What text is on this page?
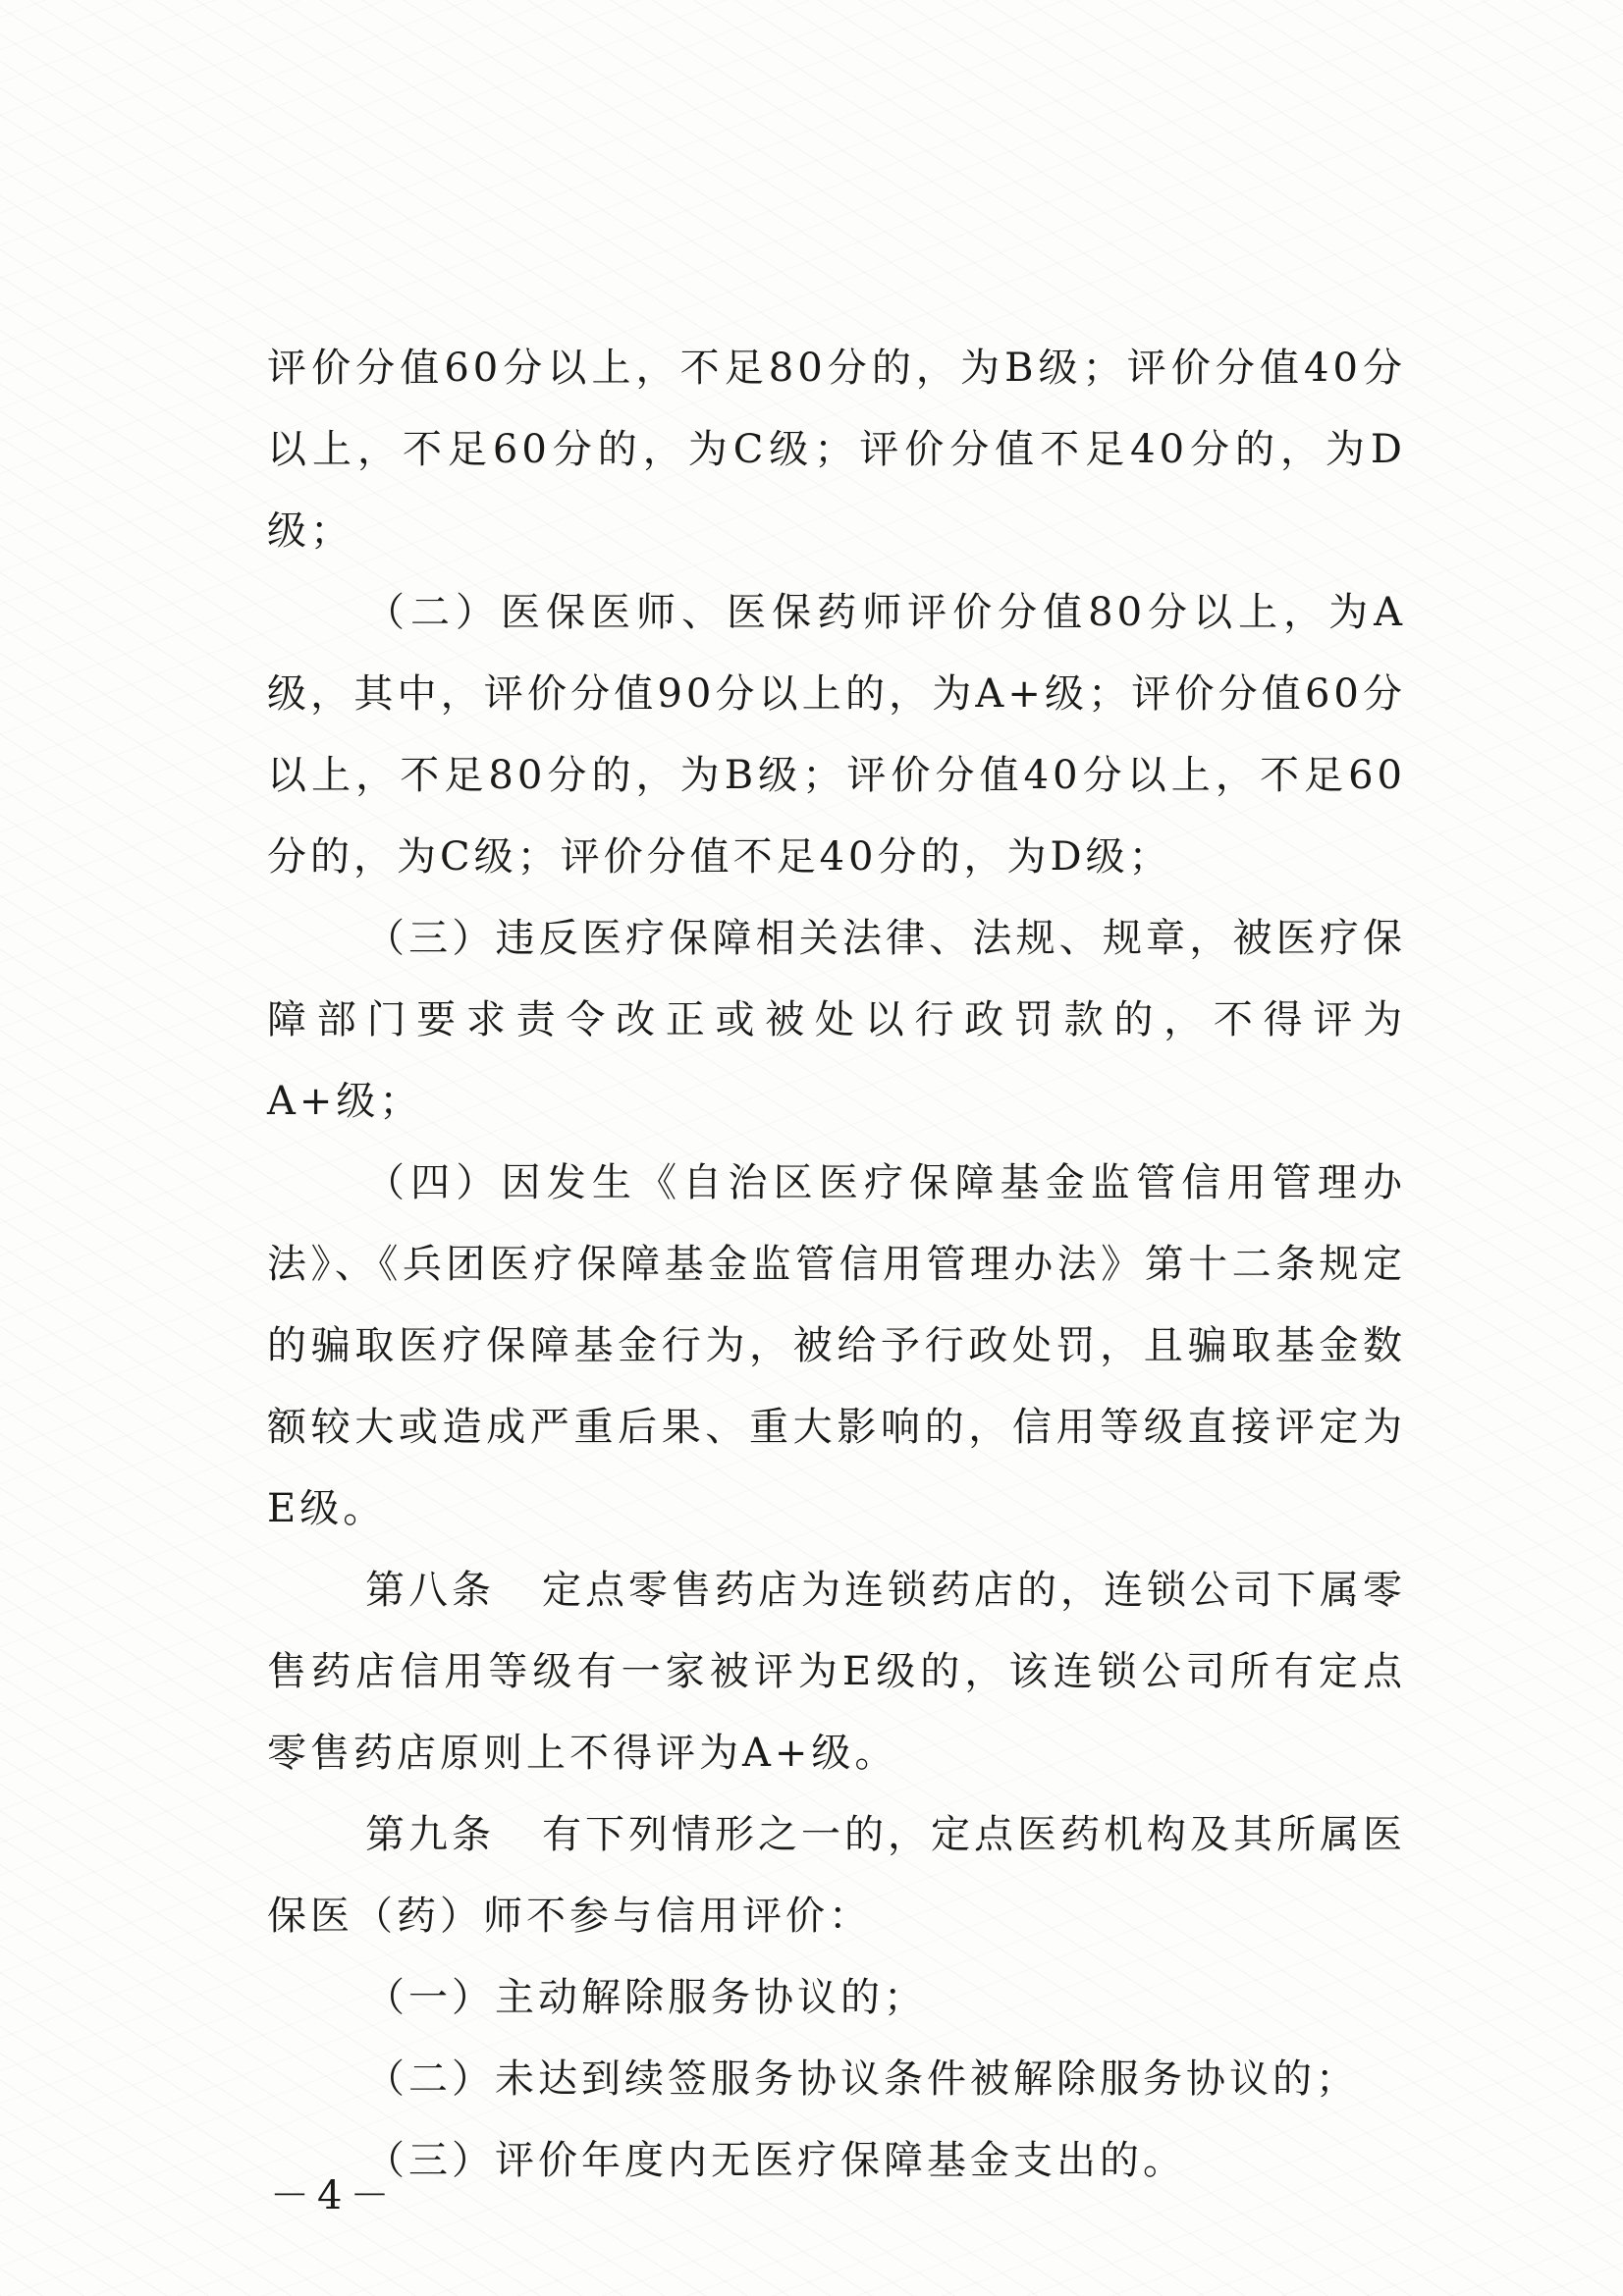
评价分值60分以上，不足80分的，为B级；评价分值40分以上，不足60分的，为C级；评价分值不足40分的，为D级；

（二）医保医师、医保药师评价分值80分以上，为A级，其中，评价分值90分以上的，为A+级；评价分值60分以上，不足80分的，为B级；评价分值40分以上，不足60分的，为C级；评价分值不足40分的，为D级；

（三）违反医疗保障相关法律、法规、规章，被医疗保障部门要求责令改正或被处以行政罚款的，不得评为A+级；

（四）因发生《自治区医疗保障基金监管信用管理办法》、《兵团医疗保障基金监管信用管理办法》第十二条规定的骗取医疗保障基金行为，被给予行政处罚，且骗取基金数额较大或造成严重后果、重大影响的，信用等级直接评定为E级。

第八条 定点零售药店为连锁药店的，连锁公司下属零售药店信用等级有一家被评为E级的，该连锁公司所有定点零售药店原则上不得评为A+级。

第九条 有下列情形之一的，定点医药机构及其所属医保医（药）师不参与信用评价：

（一）主动解除服务协议的；

（二）未达到续签服务协议条件被解除服务协议的；

（三）评价年度内无医疗保障基金支出的。

－4－
